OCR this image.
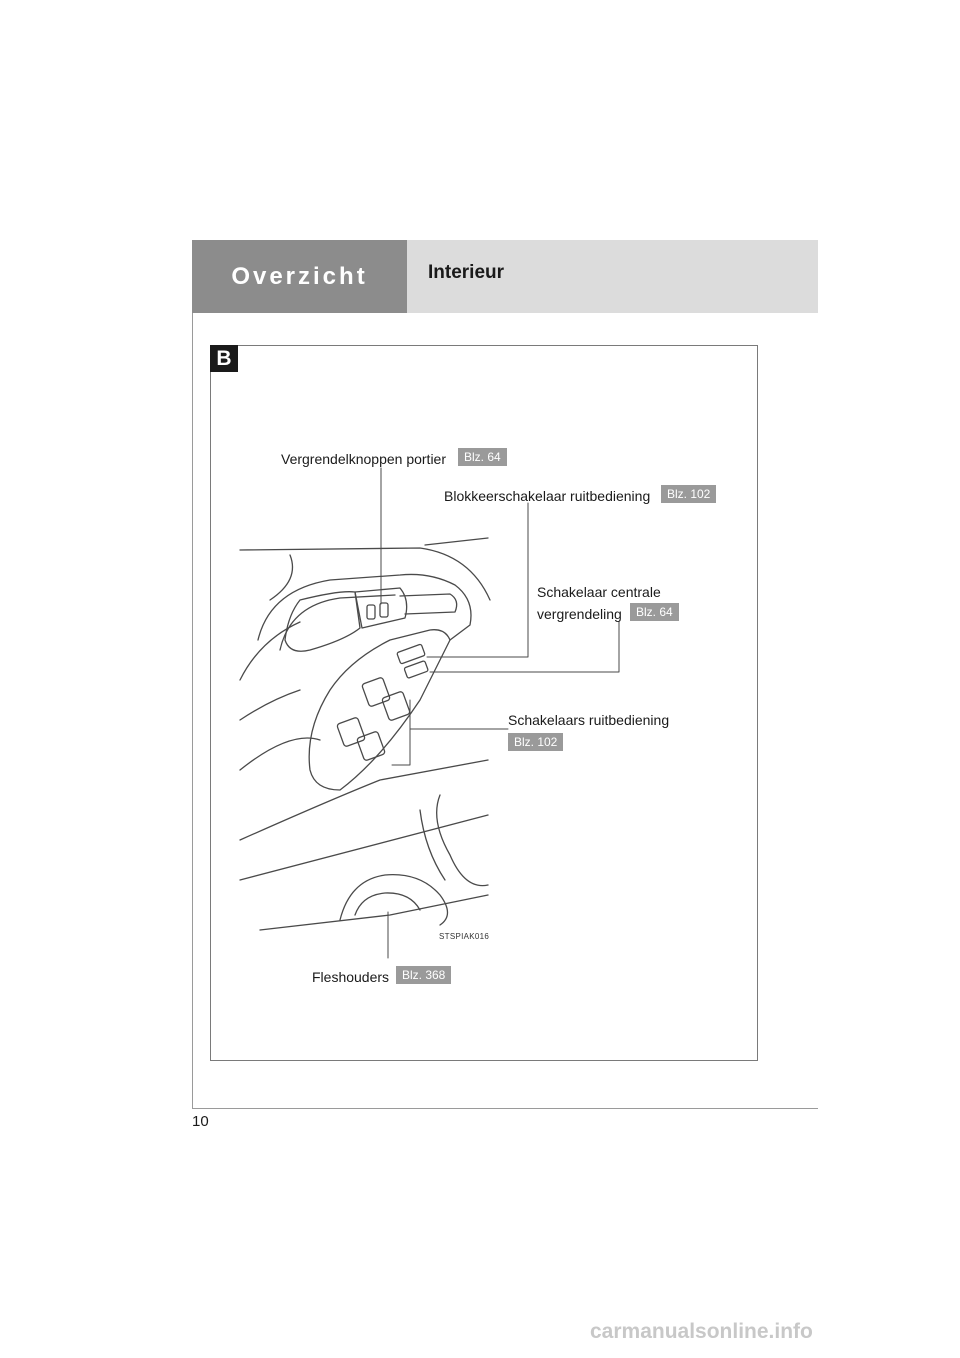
Overzicht	Interieur
10
B
Vergrendelknoppen portier	Blz. 64
Blokkeerschakelaar ruitbediening	Blz. 102
Schakelaar centrale
vergrendeling	Blz. 64
Schakelaars ruitbediening
Blz. 102
Fleshouders	Blz. 368
STSPIAK016
carmanualsonline.info
